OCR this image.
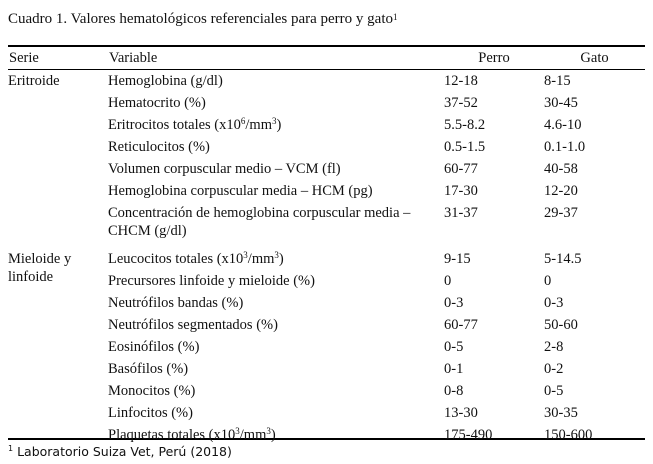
Cuadro 1. Valores hematológicos referenciales para perro y gato$^1$
Serie	Variable	Perro	Gato
Eritroide	Hemoglobina (g/dl)	12-18	8-15
	Hematocrito (%)	37-52	30-45
	Eritrocitos totales $(x10^6/mm^3)$	5.5-8.2	4.6-10
	Reticulocitos (%)	0.5-1.5	0.1-1.0
	Volumen corpuscular medio – VCM (fl)	60-77	40-58
	Hemoglobina corpuscular media – HCM (pg)	17-30	12-20
	Concentración de hemoglobina corpuscular media – CHCM (g/dl)	31-37	29-37
Mieloide y linfoide	Leucocitos totales $(x10^3/mm^3)$	9-15	5-14.5
	Precursores linfoide y mieloide (%)	0	0
	Neutrófilos bandas (%)	0-3	0-3
	Neutrófilos segmentados (%)	60-77	50-60
	Eosinófilos (%)	0-5	2-8
	Basófilos (%)	0-1	0-2
	Monocitos (%)	0-8	0-5
	Linfocitos (%)	13-30	30-35
	Plaquetas totales $(x10^3/mm^3)$	175-490	150-600
$^1$ Laboratorio Suiza Vet, Perú (2018)
